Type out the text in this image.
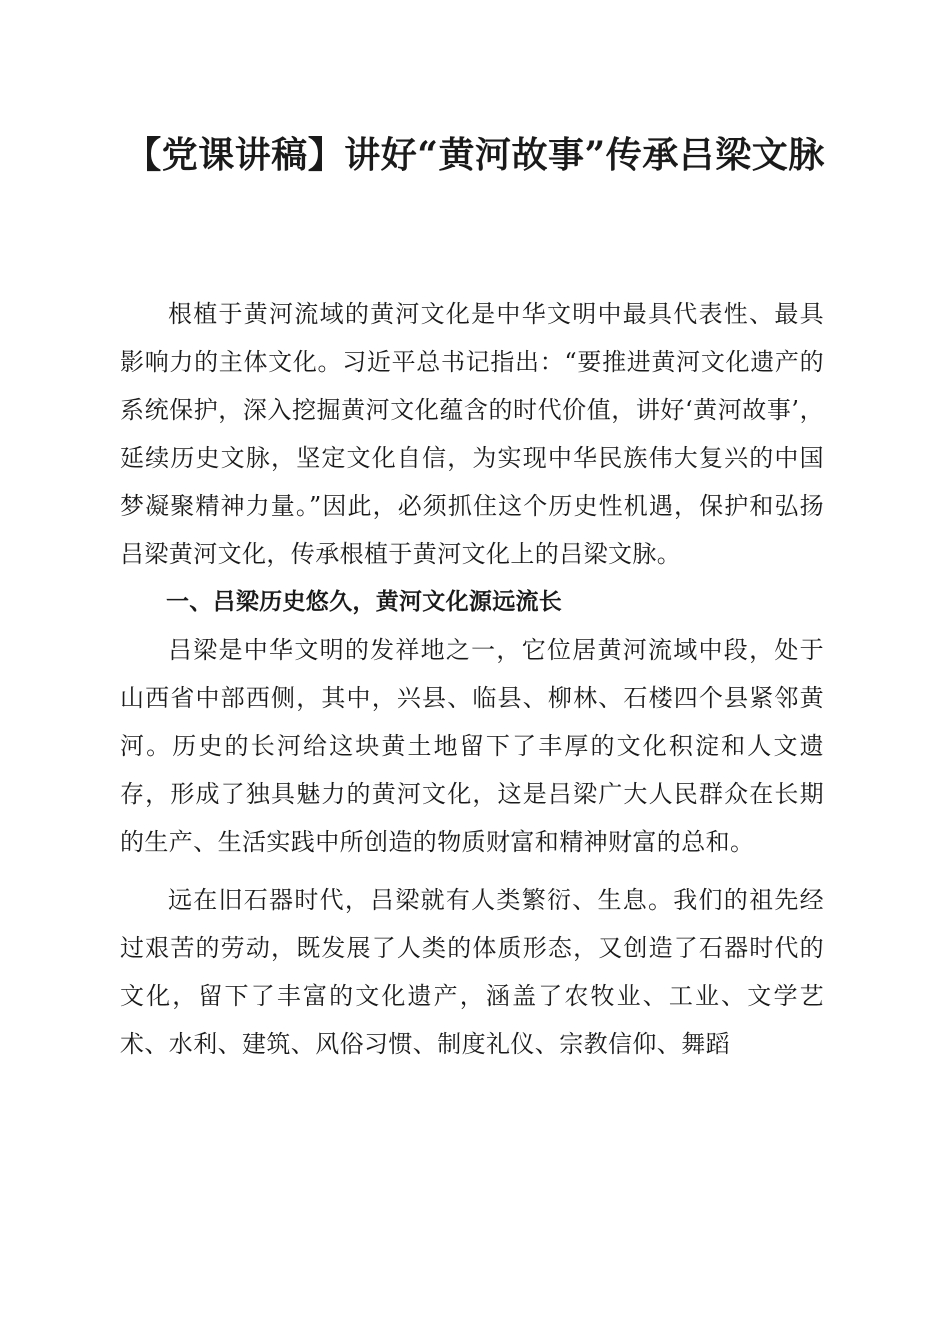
【党课讲稿】讲好“黄河故事”传承吕梁文脉

根植于黄河流域的黄河文化是中华文明中最具代表性、最具影响力的主体文化。习近平总书记指出：“要推进黄河文化遗产的系统保护，深入挖掘黄河文化蕴含的时代价值，讲好‘黄河故事’，延续历史文脉，坚定文化自信，为实现中华民族伟大复兴的中国梦凝聚精神力量。”因此，必须抓住这个历史性机遇，保护和弘扬吕梁黄河文化，传承根植于黄河文化上的吕梁文脉。

一、吕梁历史悠久，黄河文化源远流长

吕梁是中华文明的发祥地之一，它位居黄河流域中段，处于山西省中部西侧，其中，兴县、临县、柳林、石楼四个县紧邻黄河。历史的长河给这块黄土地留下了丰厚的文化积淀和人文遗存，形成了独具魅力的黄河文化，这是吕梁广大人民群众在长期的生产、生活实践中所创造的物质财富和精神财富的总和。

远在旧石器时代，吕梁就有人类繁衍、生息。我们的祖先经过艰苦的劳动，既发展了人类的体质形态，又创造了石器时代的文化，留下了丰富的文化遗产，涵盖了农牧业、工业、文学艺术、水利、建筑、风俗习惯、制度礼仪、宗教信仰、舞蹈
